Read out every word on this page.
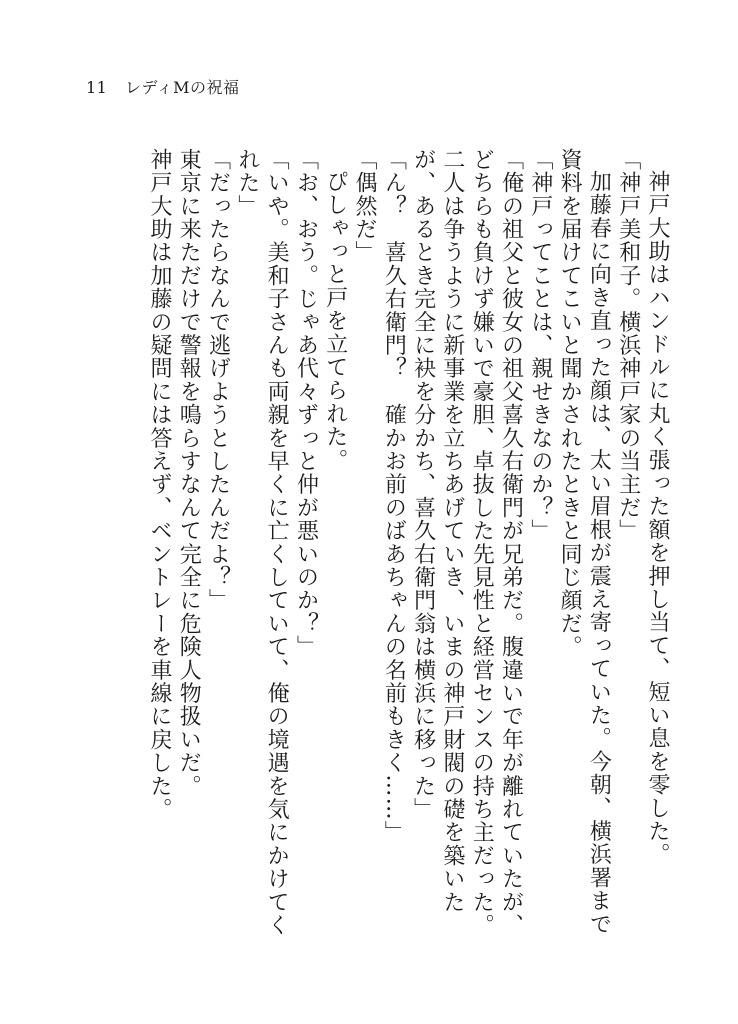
11 レディMの祝福

神戸大助はハンドルに丸く張った額を押し当て、短い息を零した。

「神戸美和子。横浜神戸家の当主だ」

加藤春に向き直った顔は、太い眉根が震え寄っていた。今朝、横浜署まで資料を届けてこいと聞かされたときと同じ顔だ。

「神戸ってことは、親せきなのか？」

「俺の祖父と彼女の祖父喜久右衛門が兄弟だ。腹違いで年が離れていたが、どちらも負けず嫌いで豪胆、卓抜した先見性と経営センスの持ち主だった。二人は争うように新事業を立ちあげていき、いまの神戸財閥の礎を築いたが、あるとき完全に袂を分かち、喜久右衛門翁は横浜に移った」

「ん？　喜久右衛門？　確かお前のばあちゃんの名前もきく……」

「偶然だ」

ぴしゃっと戸を立てられた。

「お、おう。じゃあ代々ずっと仲が悪いのか？」

「いや。美和子さんも両親を早くに亡くしていて、俺の境遇を気にかけてくれた」

「だったらなんで逃げようとしたんだよ？」

東京に来ただけで警報を鳴らすなんて完全に危険人物扱いだ。

神戸大助は加藤の疑問には答えず、ベントレーを車線に戻した。
